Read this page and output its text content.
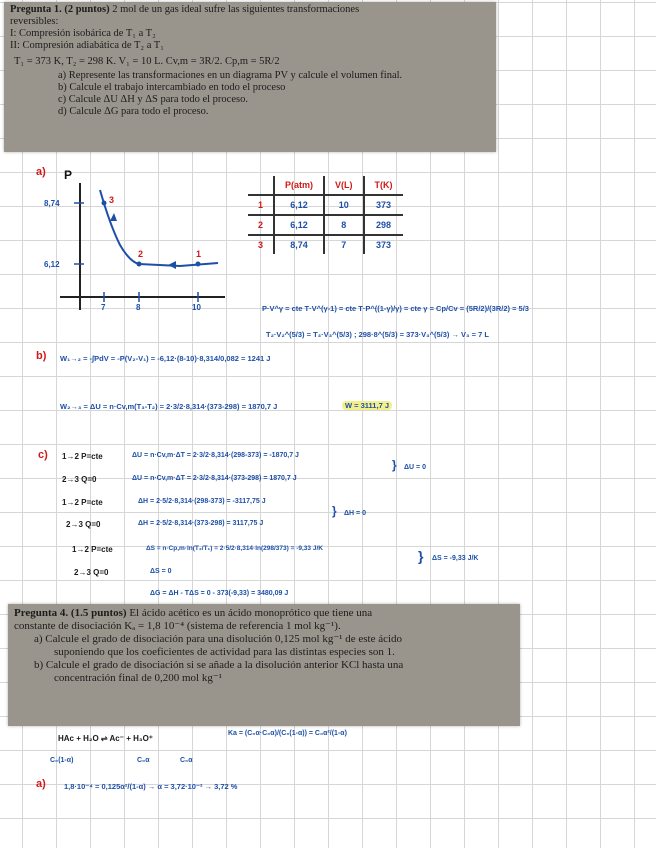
Pregunta 1. (2 puntos) 2 mol de un gas ideal sufre las siguientes transformaciones
reversibles:
I: Compresión isobárica de T₁ a T₂
II: Compresión adiabática de T₂ a T₁
T₁ = 373 K, T₂ = 298 K. V₁ = 10 L. Cv,m = 3R/2. Cp,m = 5R/2
a) Represente las transformaciones en un diagrama PV y calcule el volumen final.
b) Calcule el trabajo intercambiado en todo el proceso
c) Calcule ΔU ΔH y ΔS para todo el proceso.
d) Calcule ΔG para todo el proceso.
a) P
8,74
6,12
7	8	10
3
2	1
	P(atm)	V(L)	T(K)
1	6,12	10	373
2	6,12	8	298
3	8,74	7	373
P·V^γ = cte T·V^(γ-1) = cte T·P^((1-γ)/γ) = cte γ = Cp/Cv = (5R/2)/(3R/2) = 5/3
T₂·V₂^(5/3) = T₃·V₃^(5/3) ; 298·8^(5/3) = 373·V₃^(5/3) → V₃ = 7 L
b) W₁→₂ = -∫PdV = -P(V₂-V₁) = -6,12·(8-10)·8,314/0,082 = 1241 J
W₂→₃ = ΔU = n·Cv,m(T₃-T₂) = 2·3/2·8,314·(373-298) = 1870,7 J	W = 3111,7 J
c) 1→2 P=cte	ΔU = n·Cv,m·ΔT = 2·3/2·8,314·(298-373) = -1870,7 J
2→3 Q=0	ΔU = n·Cv,m·ΔT = 2·3/2·8,314·(373-298) = 1870,7 J
} ΔU = 0
1→2 P=cte	ΔH = 2·5/2·8,314·(298-373) = -3117,75 J
2→3 Q=0	ΔH = 2·5/2·8,314·(373-298) = 3117,75 J
} ΔH = 0
1→2 P=cte	ΔS = n·Cp,m·ln(T₂/T₁) = 2·5/2·8,314·ln(298/373) = -9,33 J/K
2→3 Q=0	ΔS = 0
} ΔS = -9,33 J/K
ΔG = ΔH - TΔS = 0 - 373(-9,33) = 3480,09 J
Pregunta 4. (1.5 puntos) El ácido acético es un ácido monoprótico que tiene una
constante de disociación Kₐ = 1,8 10⁻⁴ (sistema de referencia 1 mol kg⁻¹).
a) Calcule el grado de disociación para una disolución 0,125 mol kg⁻¹ de este ácido
suponiendo que los coeficientes de actividad para las distintas especies son 1.
b) Calcule el grado de disociación si se añade a la disolución anterior KCl hasta una
concentración final de 0,200 mol kg⁻¹
HAc + H₂O ⇌ Ac⁻ + H₃O⁺
Ka = (C₀α·C₀α)/(C₀(1-α)) = C₀α²/(1-α)
C₀(1-α)	C₀α	C₀α
a) 1,8·10⁻⁴ = 0,125α²/(1-α) → α = 3,72·10⁻² → 3,72 %
